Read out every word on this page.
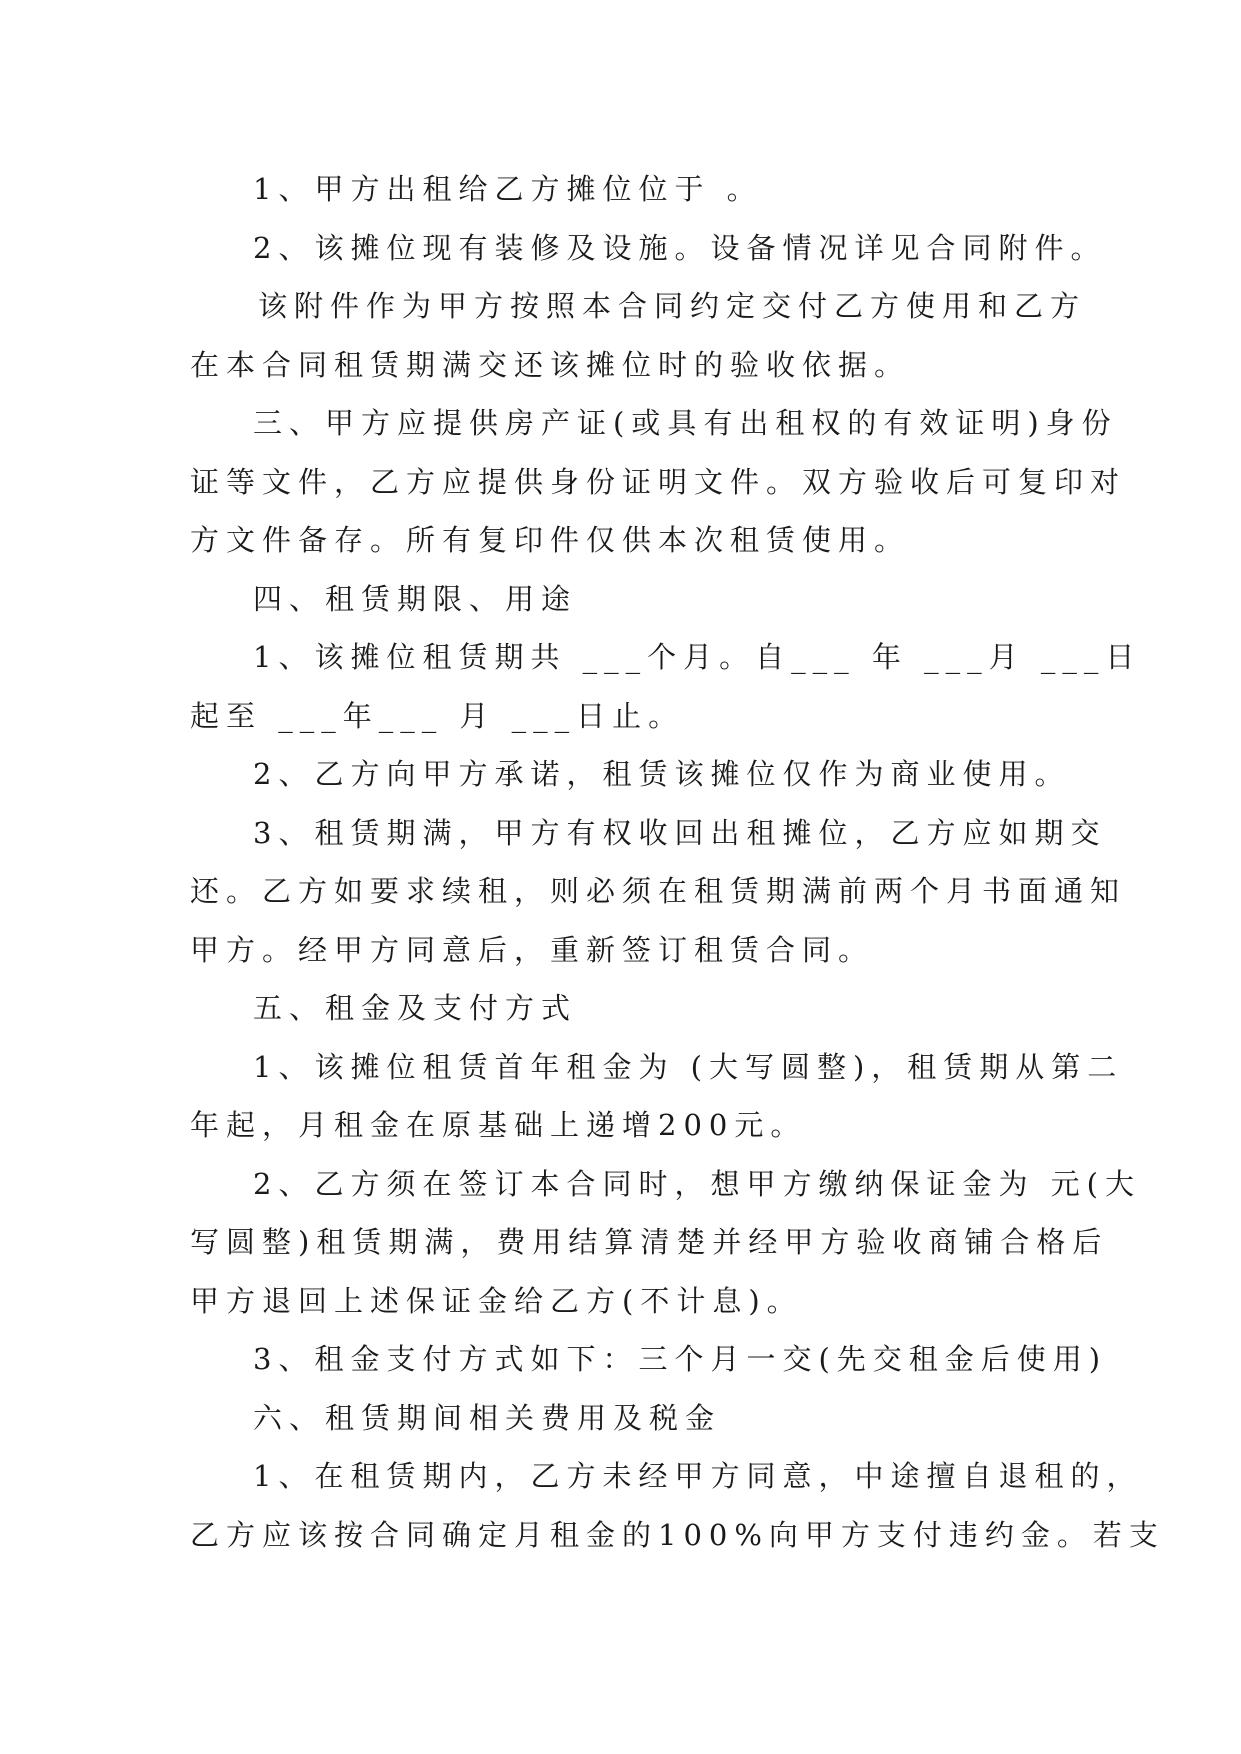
1、甲方出租给乙方摊位位于 。
2、该摊位现有装修及设施。设备情况详见合同附件。
该附件作为甲方按照本合同约定交付乙方使用和乙方
在本合同租赁期满交还该摊位时的验收依据。
三、甲方应提供房产证(或具有出租权的有效证明)身份
证等文件，乙方应提供身份证明文件。双方验收后可复印对
方文件备存。所有复印件仅供本次租赁使用。
四、租赁期限、用途
1、该摊位租赁期共 ___个月。自___ 年 ___月 ___日
起至 ___年___ 月 ___日止。
2、乙方向甲方承诺，租赁该摊位仅作为商业使用。
3、租赁期满，甲方有权收回出租摊位，乙方应如期交
还。乙方如要求续租，则必须在租赁期满前两个月书面通知
甲方。经甲方同意后，重新签订租赁合同。
五、租金及支付方式
1、该摊位租赁首年租金为 (大写圆整)，租赁期从第二
年起，月租金在原基础上递增200元。
2、乙方须在签订本合同时，想甲方缴纳保证金为 元(大
写圆整)租赁期满，费用结算清楚并经甲方验收商铺合格后
甲方退回上述保证金给乙方(不计息)。
3、租金支付方式如下：三个月一交(先交租金后使用)
六、租赁期间相关费用及税金
1、在租赁期内，乙方未经甲方同意，中途擅自退租的，
乙方应该按合同确定月租金的100%向甲方支付违约金。若支
